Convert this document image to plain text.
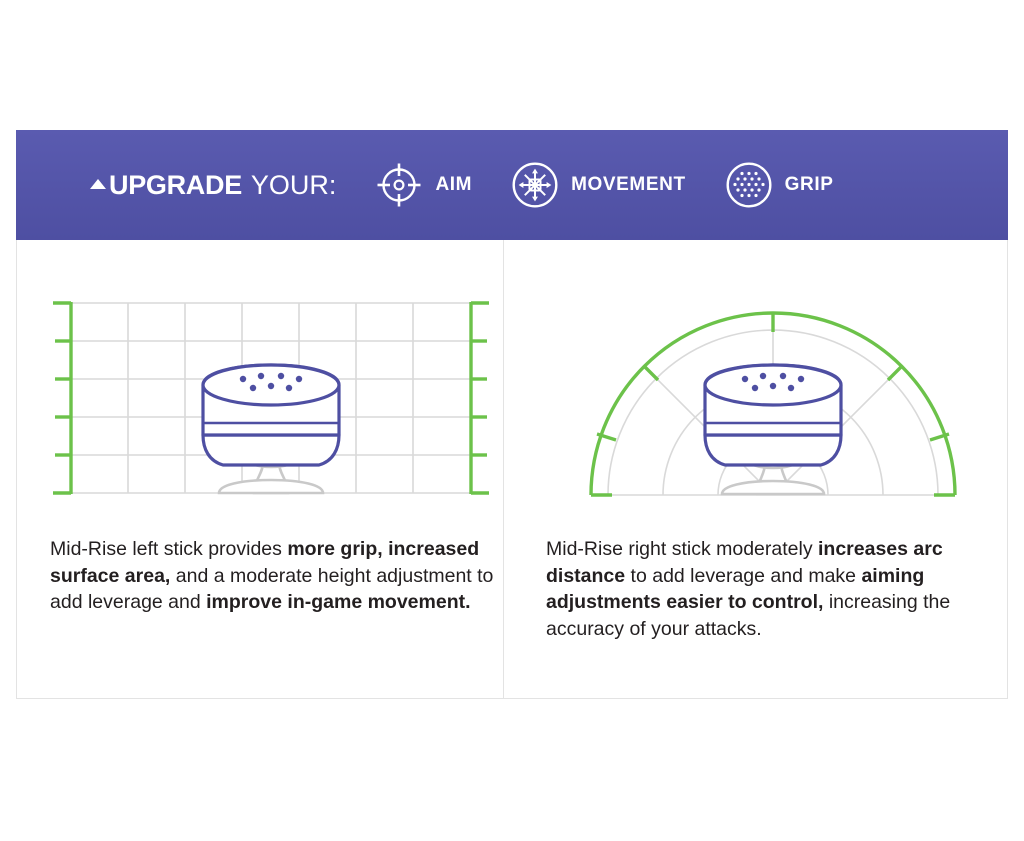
UPGRADE YOUR:	AIM	MOVEMENT	GRIP
Mid-Rise left stick provides more grip, increased surface area, and a moderate height adjustment to add leverage and improve in-game movement.
Mid-Rise right stick moderately increases arc distance to add leverage and make aiming adjustments easier to control, increasing the accuracy of your attacks.
